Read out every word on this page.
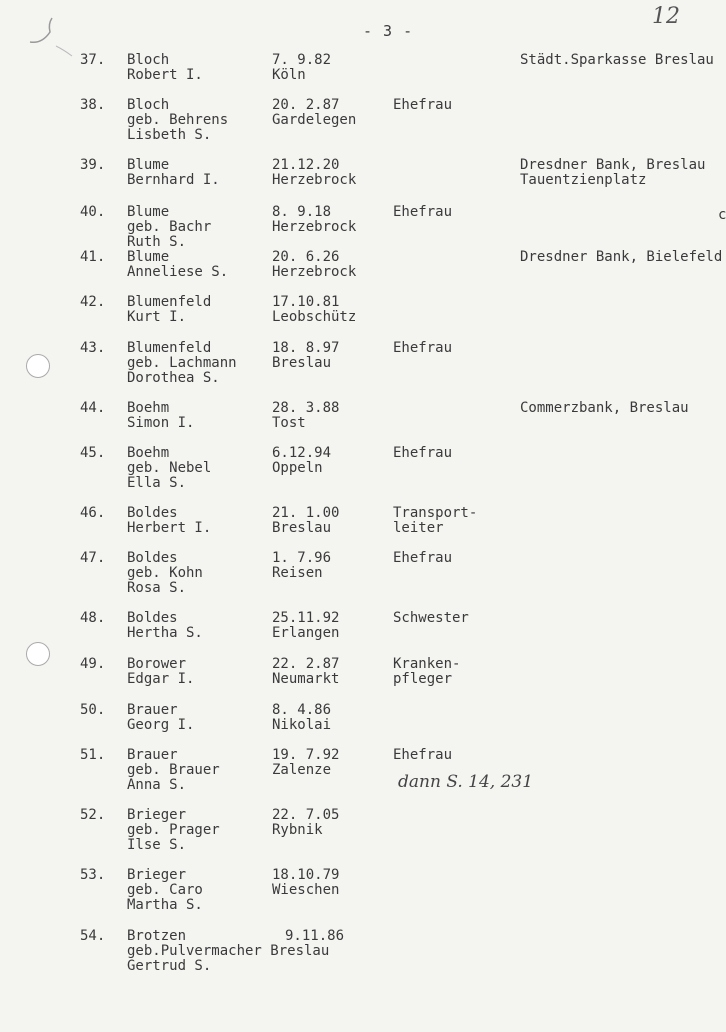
- 3 -
12
c
37. Bloch
Robert I.
7. 9.82
Köln
Städt.Sparkasse Breslau
38. Bloch
geb. Behrens
Lisbeth S.
20. 2.87
Gardelegen
Ehefrau
39. Blume
Bernhard I.
21.12.20
Herzebrock
Dresdner Bank, Breslau
Tauentzienplatz
40. Blume
geb. Bachr
Ruth S.
8. 9.18
Herzebrock
Ehefrau
41. Blume
Anneliese S.
20. 6.26
Herzebrock
Dresdner Bank, Bielefeld
42. Blumenfeld
Kurt I.
17.10.81
Leobschütz
43. Blumenfeld
geb. Lachmann
Dorothea S.
18. 8.97
Breslau
Ehefrau
44. Boehm
Simon I.
28. 3.88
Tost
Commerzbank, Breslau
45. Boehm
geb. Nebel
Ella S.
6.12.94
Oppeln
Ehefrau
46. Boldes
Herbert I.
21. 1.00
Breslau
Transport-
leiter
47. Boldes
geb. Kohn
Rosa S.
1. 7.96
Reisen
Ehefrau
48. Boldes
Hertha S.
25.11.92
Erlangen
Schwester
49. Borower
Edgar I.
22. 2.87
Neumarkt
Kranken-
pfleger
50. Brauer
Georg I.
8. 4.86
Nikolai
51. Brauer
geb. Brauer
Anna S.
19. 7.92
Zalenze
Ehefrau
52. Brieger
geb. Prager
Ilse S.
22. 7.05
Rybnik
53. Brieger
geb. Caro
Martha S.
18.10.79
Wieschen
54. Brotzen
geb.Pulvermacher Breslau
Gertrud S.
9.11.86
dann S. 14, 231
